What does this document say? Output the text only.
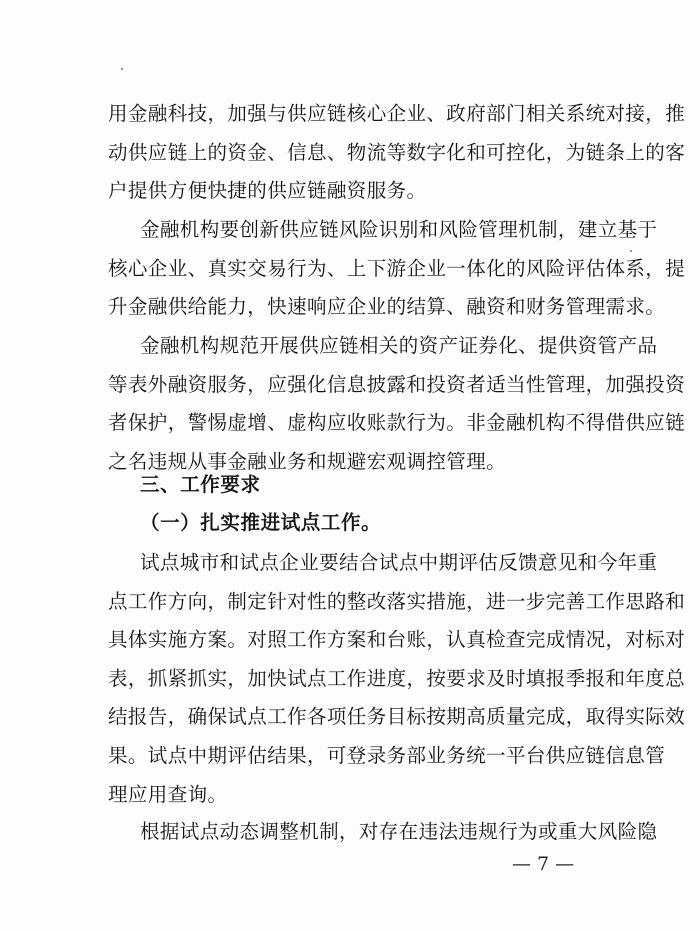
用金融科技，加强与供应链核心企业、政府部门相关系统对接，推
动供应链上的资金、信息、物流等数字化和可控化，为链条上的客
户提供方便快捷的供应链融资服务。
金融机构要创新供应链风险识别和风险管理机制，建立基于
核心企业、真实交易行为、上下游企业一体化的风险评估体系，提
升金融供给能力，快速响应企业的结算、融资和财务管理需求。
金融机构规范开展供应链相关的资产证券化、提供资管产品
等表外融资服务，应强化信息披露和投资者适当性管理，加强投资
者保护，警惕虚增、虚构应收账款行为。非金融机构不得借供应链
之名违规从事金融业务和规避宏观调控管理。
三、工作要求
（一）扎实推进试点工作。
试点城市和试点企业要结合试点中期评估反馈意见和今年重
点工作方向，制定针对性的整改落实措施，进一步完善工作思路和
具体实施方案。对照工作方案和台账，认真检查完成情况，对标对
表，抓紧抓实，加快试点工作进度，按要求及时填报季报和年度总
结报告，确保试点工作各项任务目标按期高质量完成，取得实际效
果。试点中期评估结果，可登录务部业务统一平台供应链信息管
理应用查询。
根据试点动态调整机制，对存在违法违规行为或重大风险隐
— 7 —
